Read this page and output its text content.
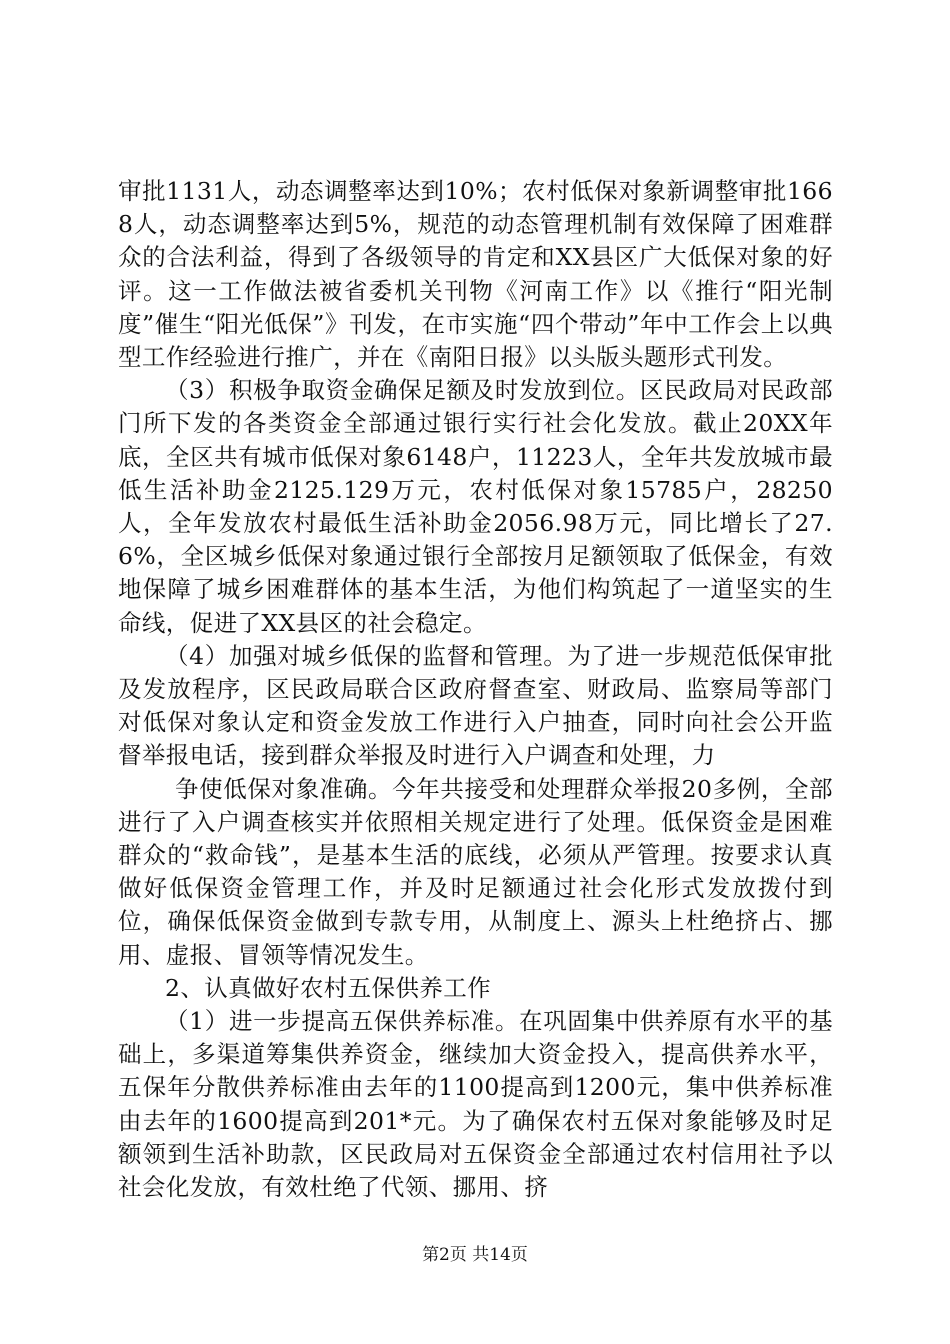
审批1131人，动态调整率达到10%；农村低保对象新调整审批1668人，动态调整率达到5%，规范的动态管理机制有效保障了困难群众的合法利益，得到了各级领导的肯定和XX县区广大低保对象的好评。这一工作做法被省委机关刊物《河南工作》以《推行“阳光制度”催生“阳光低保”》刊发，在市实施“四个带动”年中工作会上以典型工作经验进行推广，并在《南阳日报》以头版头题形式刊发。

（3）积极争取资金确保足额及时发放到位。区民政局对民政部门所下发的各类资金全部通过银行实行社会化发放。截止20XX年底，全区共有城市低保对象6148户，11223人，全年共发放城市最低生活补助金2125.129万元，农村低保对象15785户，28250人，全年发放农村最低生活补助金2056.98万元，同比增长了27.6%，全区城乡低保对象通过银行全部按月足额领取了低保金，有效地保障了城乡困难群体的基本生活，为他们构筑起了一道坚实的生命线，促进了XX县区的社会稳定。

（4）加强对城乡低保的监督和管理。为了进一步规范低保审批及发放程序，区民政局联合区政府督查室、财政局、监察局等部门对低保对象认定和资金发放工作进行入户抽查，同时向社会公开监督举报电话，接到群众举报及时进行入户调查和处理，力

争使低保对象准确。今年共接受和处理群众举报20多例，全部进行了入户调查核实并依照相关规定进行了处理。低保资金是困难群众的“救命钱”，是基本生活的底线，必须从严管理。按要求认真做好低保资金管理工作，并及时足额通过社会化形式发放拨付到位，确保低保资金做到专款专用，从制度上、源头上杜绝挤占、挪用、虚报、冒领等情况发生。

2、认真做好农村五保供养工作

（1）进一步提高五保供养标准。在巩固集中供养原有水平的基础上，多渠道筹集供养资金，继续加大资金投入，提高供养水平，五保年分散供养标准由去年的1100提高到1200元，集中供养标准由去年的1600提高到201*元。为了确保农村五保对象能够及时足额领到生活补助款，区民政局对五保资金全部通过农村信用社予以社会化发放，有效杜绝了代领、挪用、挤

第2页 共14页
